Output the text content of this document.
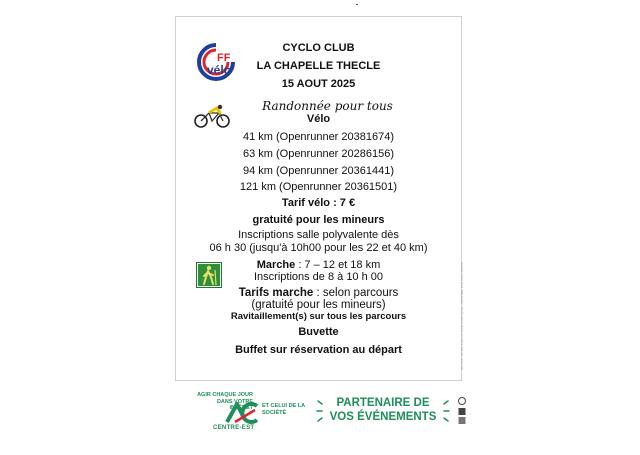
FF
vélo
CYCLO CLUB
LA CHAPELLE THECLE
15 AOUT 2025
Randonnée pour tous
Vélo
41 km (Openrunner 20381674)
63 km (Openrunner 20286156)
94 km (Openrunner 20361441)
121 km (Openrunner 20361501)
Tarif vélo : 7 €
gratuité pour les mineurs
Inscriptions salle polyvalente dès
06 h 30 (jusqu'à 10h00 pour les 22 et 40 km)
Marche : 7 – 12 et 18 km
Inscriptions de 8 à 10 h 00
Tarifs marche : selon parcours
(gratuité pour les mineurs)
Ravitaillement(s) sur tous les parcours
Buvette
Buffet sur réservation au départ	NE PAS JETER SUR LA VOIE PUBLIQUE - IMPRIMÉ PAR NOS SOINS
AGIR CHAQUE JOUR
DANS VOTRE
INTÉRÊT ET CELUI DE LA
SOCIÉTÉ
CENTRE-EST
PARTENAIRE DE
VOS ÉVÉNEMENTS
